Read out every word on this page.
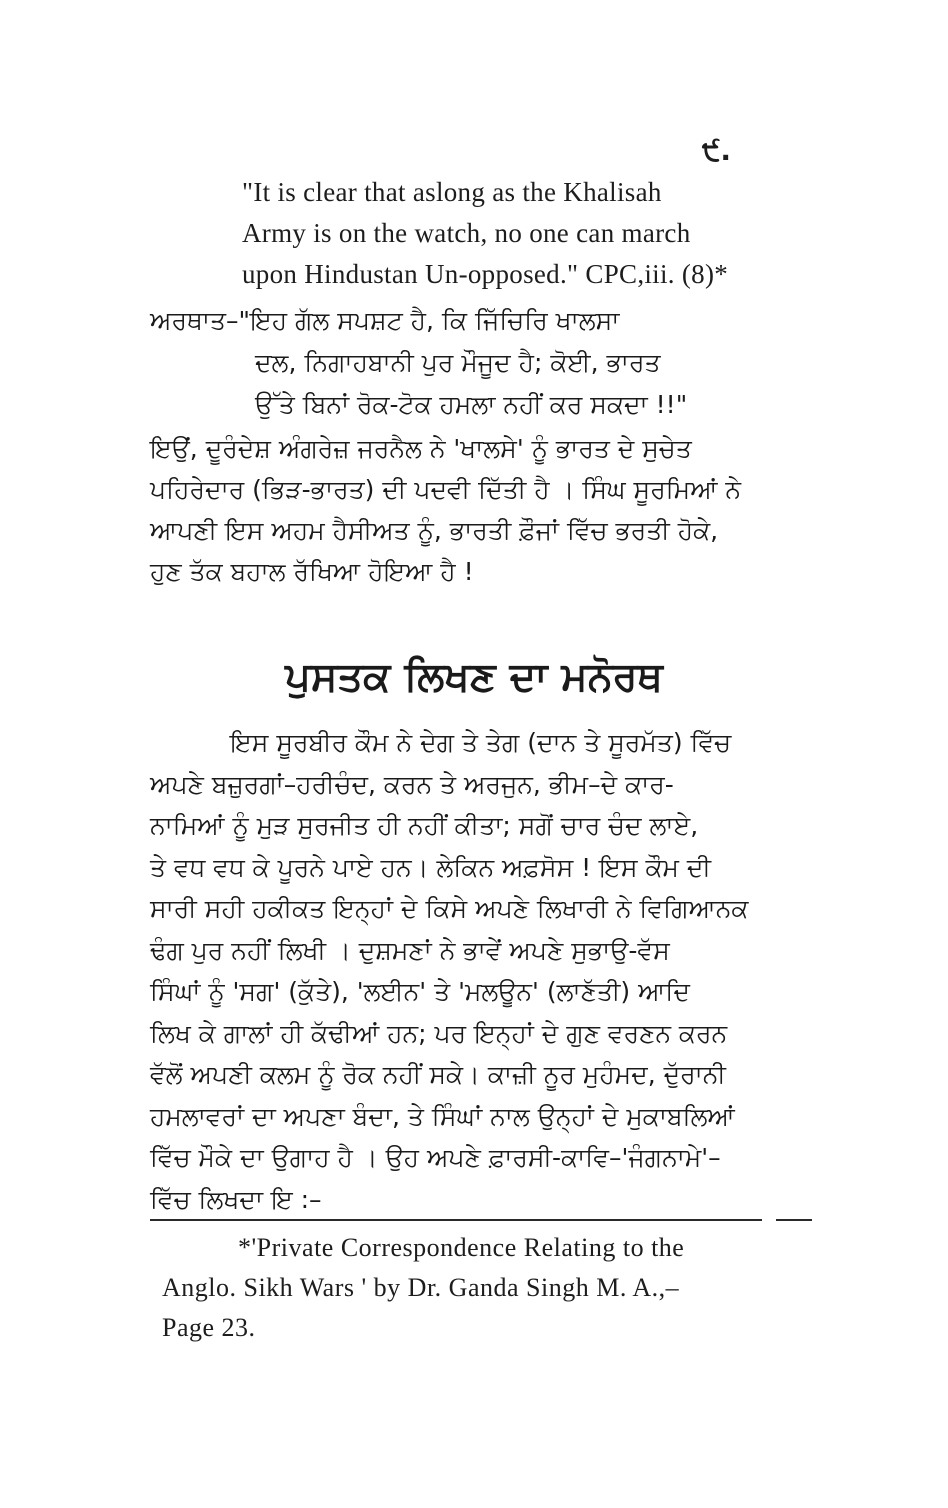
੯.
"It is clear that aslong as the Khalisah
Army is on the watch, no one can march
upon Hindustan Un-opposed." CPC,iii. (8)*
ਅਰਥਾਤ–"ਇਹ ਗੱਲ ਸਪਸ਼ਟ ਹੈ, ਕਿ ਜਿੱਚਿਰਿ ਖਾਲਸਾ
ਦਲ, ਨਿਗਾਹਬਾਨੀ ਪੁਰ ਮੌਜੂਦ ਹੈ; ਕੋਈ, ਭਾਰਤ
ਉੱਤੇ ਬਿਨਾਂ ਰੋਕ-ਟੋਕ ਹਮਲਾ ਨਹੀਂ ਕਰ ਸਕਦਾ !!"
ਇਉਂ, ਦੂਰੰਦੇਸ਼ ਅੰਗਰੇਜ਼ ਜਰਨੈਲ ਨੇ 'ਖਾਲਸੇ' ਨੂੰ ਭਾਰਤ ਦੇ ਸੁਚੇਤ
ਪਹਿਰੇਦਾਰ (ਭਿੜ-ਭਾਰਤ) ਦੀ ਪਦਵੀ ਦਿੱਤੀ ਹੈ । ਸਿੰਘ ਸੂਰਮਿਆਂ ਨੇ
ਆਪਣੀ ਇਸ ਅਹਮ ਹੈਸੀਅਤ ਨੂੰ, ਭਾਰਤੀ ਫ਼ੌਜਾਂ ਵਿੱਚ ਭਰਤੀ ਹੋਕੇ,
ਹੁਣ ਤੱਕ ਬਹਾਲ ਰੱਖਿਆ ਹੋਇਆ ਹੈ !
ਪੁਸਤਕ ਲਿਖਣ ਦਾ ਮਨੋਰਥ
ਇਸ ਸੂਰਬੀਰ ਕੌਮ ਨੇ ਦੇਗ ਤੇ ਤੇਗ (ਦਾਨ ਤੇ ਸੂਰਮੱਤ) ਵਿੱਚ
ਅਪਣੇ ਬਜ਼ੁਰਗਾਂ–ਹਰੀਚੰਦ, ਕਰਨ ਤੇ ਅਰਜੁਨ, ਭੀਮ–ਦੇ ਕਾਰ-
ਨਾਮਿਆਂ ਨੂੰ ਮੁੜ ਸੁਰਜੀਤ ਹੀ ਨਹੀਂ ਕੀਤਾ; ਸਗੋਂ ਚਾਰ ਚੰਦ ਲਾਏ,
ਤੇ ਵਧ ਵਧ ਕੇ ਪੂਰਨੇ ਪਾਏ ਹਨ। ਲੇਕਿਨ ਅਫ਼ਸੋਸ ! ਇਸ ਕੌਮ ਦੀ
ਸਾਰੀ ਸਹੀ ਹਕੀਕਤ ਇਨ੍ਹਾਂ ਦੇ ਕਿਸੇ ਅਪਣੇ ਲਿਖਾਰੀ ਨੇ ਵਿਗਿਆਨਕ
ਢੰਗ ਪੁਰ ਨਹੀਂ ਲਿਖੀ । ਦੁਸ਼ਮਣਾਂ ਨੇ ਭਾਵੇਂ ਅਪਣੇ ਸੁਭਾਉ-ਵੱਸ
ਸਿੰਘਾਂ ਨੂੰ 'ਸਗ' (ਕੁੱਤੇ), 'ਲਈਨ' ਤੇ 'ਮਲਊਨ' (ਲਾਣੱਤੀ) ਆਦਿ
ਲਿਖ ਕੇ ਗਾਲਾਂ ਹੀ ਕੱਢੀਆਂ ਹਨ; ਪਰ ਇਨ੍ਹਾਂ ਦੇ ਗੁਣ ਵਰਣਨ ਕਰਨ
ਵੱਲੋਂ ਅਪਣੀ ਕਲਮ ਨੂੰ ਰੋਕ ਨਹੀਂ ਸਕੇ। ਕਾਜ਼ੀ ਨੂਰ ਮੁਹੰਮਦ, ਦੁੱਰਾਨੀ
ਹਮਲਾਵਰਾਂ ਦਾ ਅਪਣਾ ਬੰਦਾ, ਤੇ ਸਿੰਘਾਂ ਨਾਲ ਉਨ੍ਹਾਂ ਦੇ ਮੁਕਾਬਲਿਆਂ
ਵਿੱਚ ਮੌਕੇ ਦਾ ਉਗਾਹ ਹੈ । ਉਹ ਅਪਣੇ ਫ਼ਾਰਸੀ-ਕਾਵਿ–'ਜੰਗਨਾਮੇ'–
ਵਿੱਚ ਲਿਖਦਾ ਇ :–
*'Private Correspondence Relating to the
Anglo. Sikh Wars ' by Dr. Ganda Singh M. A.,–
Page 23.
